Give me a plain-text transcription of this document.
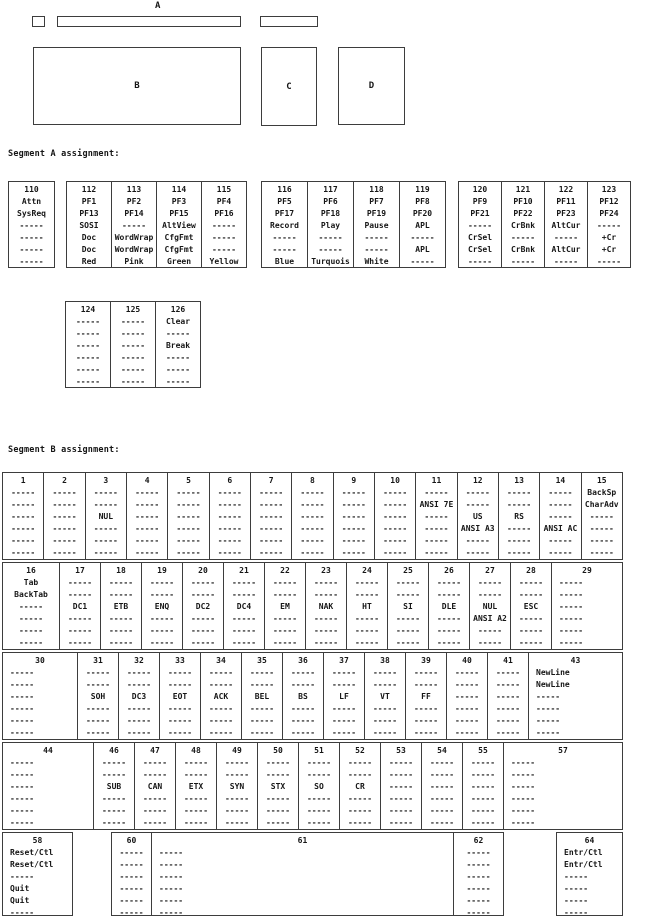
A
B	C	D
Segment A assignment:
110
Attn
SysReq
-----
-----
-----
-----
112
PF1
PF13
SOSI
Doc
Doc
Red
113
PF2
PF14
-----
WordWrap
WordWrap
Pink
114
PF3
PF15
AltView
CfgFmt
CfgFmt
Green
115
PF4
PF16
-----
-----
-----
Yellow
116
PF5
PF17
Record
-----
-----
Blue
117
PF6
PF18
Play
-----
-----
Turquois
118
PF7
PF19
Pause
-----
-----
White
119
PF8
PF20
APL
-----
APL
-----
120
PF9
PF21
-----
CrSel
CrSel
-----
121
PF10
PF22
CrBnk
-----
CrBnk
-----
122
PF11
PF23
AltCur
-----
AltCur
-----
123
PF12
PF24
-----
+Cr
+Cr
-----
124
-----
-----
-----
-----
-----
-----
125
-----
-----
-----
-----
-----
-----
126
Clear
-----
Break
-----
-----
-----
Segment B assignment:
1
-----
-----
-----
-----
-----
-----
2
-----
-----
-----
-----
-----
-----
3
-----
-----
NUL
-----
-----
-----
4
-----
-----
-----
-----
-----
-----
5
-----
-----
-----
-----
-----
-----
6
-----
-----
-----
-----
-----
-----
7
-----
-----
-----
-----
-----
-----
8
-----
-----
-----
-----
-----
-----
9
-----
-----
-----
-----
-----
-----
10
-----
-----
-----
-----
-----
-----
11
-----
ANSI 7E
-----
-----
-----
-----
12
-----
-----
US
ANSI A3
-----
-----
13
-----
-----
RS
-----
-----
-----
14
-----
-----
-----
ANSI AC
-----
-----
15
BackSp
CharAdv
-----
-----
-----
-----
16
Tab
BackTab
-----
-----
-----
-----
17
-----
-----
DC1
-----
-----
-----
18
-----
-----
ETB
-----
-----
-----
19
-----
-----
ENQ
-----
-----
-----
20
-----
-----
DC2
-----
-----
-----
21
-----
-----
DC4
-----
-----
-----
22
-----
-----
EM
-----
-----
-----
23
-----
-----
NAK
-----
-----
-----
24
-----
-----
HT
-----
-----
-----
25
-----
-----
SI
-----
-----
-----
26
-----
-----
DLE
-----
-----
-----
27
-----
-----
NUL
ANSI A2
-----
-----
28
-----
-----
ESC
-----
-----
-----
29
-----
-----
-----
-----
-----
-----
30
-----
-----
-----
-----
-----
-----
31
-----
-----
SOH
-----
-----
-----
32
-----
-----
DC3
-----
-----
-----
33
-----
-----
EOT
-----
-----
-----
34
-----
-----
ACK
-----
-----
-----
35
-----
-----
BEL
-----
-----
-----
36
-----
-----
BS
-----
-----
-----
37
-----
-----
LF
-----
-----
-----
38
-----
-----
VT
-----
-----
-----
39
-----
-----
FF
-----
-----
-----
40
-----
-----
-----
-----
-----
-----
41
-----
-----
-----
-----
-----
-----
43
NewLine
NewLine
-----
-----
-----
-----
44
-----
-----
-----
-----
-----
-----
46
-----
-----
SUB
-----
-----
-----
47
-----
-----
CAN
-----
-----
-----
48
-----
-----
ETX
-----
-----
-----
49
-----
-----
SYN
-----
-----
-----
50
-----
-----
STX
-----
-----
-----
51
-----
-----
SO
-----
-----
-----
52
-----
-----
CR
-----
-----
-----
53
-----
-----
-----
-----
-----
-----
54
-----
-----
-----
-----
-----
-----
55
-----
-----
-----
-----
-----
-----
57
-----
-----
-----
-----
-----
-----
58
Reset/Ctl
Reset/Ctl
-----
Quit
Quit
-----
60
-----
-----
-----
-----
-----
-----
61
-----
-----
-----
-----
-----
-----
62
-----
-----
-----
-----
-----
-----
64
Entr/Ctl
Entr/Ctl
-----
-----
-----
-----
